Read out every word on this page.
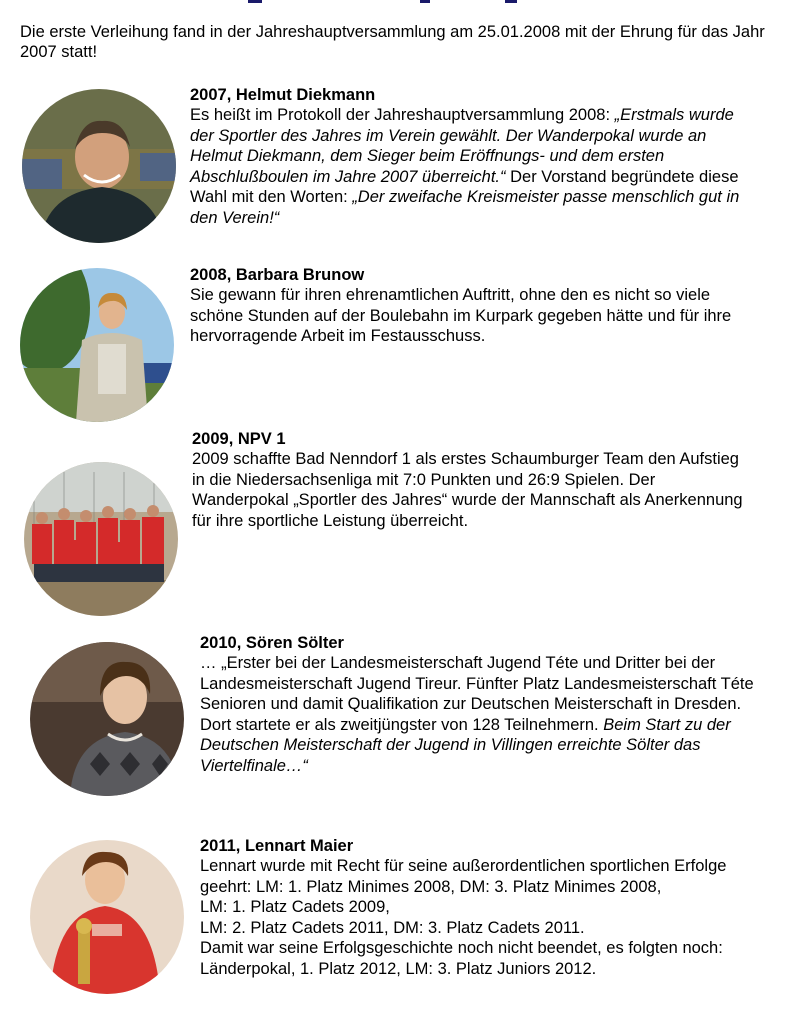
Die erste Verleihung fand in der Jahreshauptversammlung am 25.01.2008 mit der Ehrung für das Jahr 2007 statt!
2007, Helmut Diekmann

Es heißt im Protokoll der Jahreshauptversammlung 2008: „Erstmals wurde der Sportler des Jahres im Verein gewählt. Der Wanderpokal wurde an Helmut Diekmann, dem Sieger beim Eröffnungs- und dem ersten Abschlußboulen im Jahre 2007 überreicht.“ Der Vorstand begründete diese Wahl mit den Worten: „Der zweifache Kreismeister passe menschlich gut in den Verein!“

2008, Barbara Brunow

Sie gewann für ihren ehrenamtlichen Auftritt, ohne den es nicht so viele schöne Stunden auf der Boulebahn im Kurpark gegeben hätte und für ihre hervorragende Arbeit im Festausschuss.

2009, NPV 1

2009 schaffte Bad Nenndorf 1 als erstes Schaumburger Team den Aufstieg in die Niedersachsenliga mit 7:0 Punkten und 26:9 Spielen. Der Wanderpokal „Sportler des Jahres“ wurde der Mannschaft als Anerkennung für ihre sportliche Leistung überreicht.

2010, Sören Sölter

… „Erster bei der Landesmeisterschaft Jugend Téte und Dritter bei der Landesmeisterschaft Jugend Tireur. Fünfter Platz Landesmeisterschaft Téte Senioren und damit Qualifikation zur Deutschen Meisterschaft in Dresden. Dort startete er als zweitjüngster von 128 Teilnehmern. Beim Start zu der Deutschen Meisterschaft der Jugend in Villingen erreichte Sölter das Viertelfinale…“

2011, Lennart Maier

Lennart wurde mit Recht für seine außerordentlichen sportlichen Erfolge geehrt: LM: 1. Platz Minimes 2008, DM: 3. Platz Minimes 2008,

LM: 1. Platz Cadets 2009,

LM: 2. Platz Cadets 2011, DM: 3. Platz Cadets 2011.

Damit war seine Erfolgsgeschichte noch nicht beendet, es folgten noch: Länderpokal, 1. Platz 2012, LM: 3. Platz Juniors 2012.
